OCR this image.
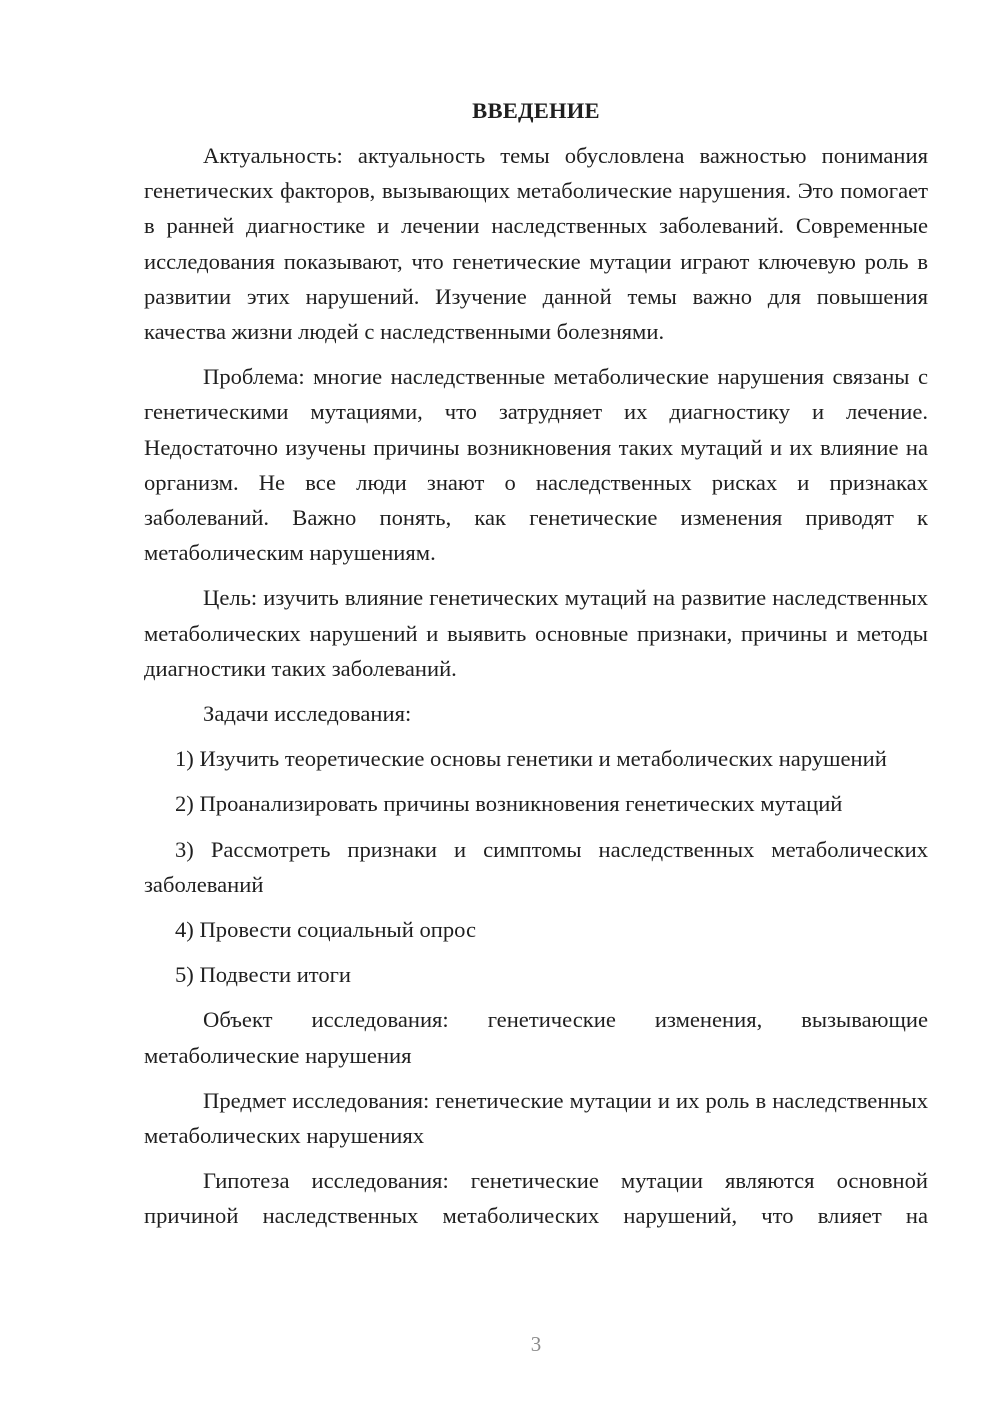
ВВЕДЕНИЕ

Актуальность: актуальность темы обусловлена важностью понимания генетических факторов, вызывающих метаболические нарушения. Это помогает в ранней диагностике и лечении наследственных заболеваний. Современные исследования показывают, что генетические мутации играют ключевую роль в развитии этих нарушений. Изучение данной темы важно для повышения качества жизни людей с наследственными болезнями.

Проблема: многие наследственные метаболические нарушения связаны с генетическими мутациями, что затрудняет их диагностику и лечение. Недостаточно изучены причины возникновения таких мутаций и их влияние на организм. Не все люди знают о наследственных рисках и признаках заболеваний. Важно понять, как генетические изменения приводят к метаболическим нарушениям.

Цель: изучить влияние генетических мутаций на развитие наследственных метаболических нарушений и выявить основные признаки, причины и методы диагностики таких заболеваний.

Задачи исследования:

1) Изучить теоретические основы генетики и метаболических нарушений

2) Проанализировать причины возникновения генетических мутаций

3) Рассмотреть признаки и симптомы наследственных метаболических заболеваний

4) Провести социальный опрос

5) Подвести итоги

Объект исследования: генетические изменения, вызывающие метаболические нарушения

Предмет исследования: генетические мутации и их роль в наследственных метаболических нарушениях

Гипотеза исследования: генетические мутации являются основной причиной наследственных метаболических нарушений, что влияет на

3
